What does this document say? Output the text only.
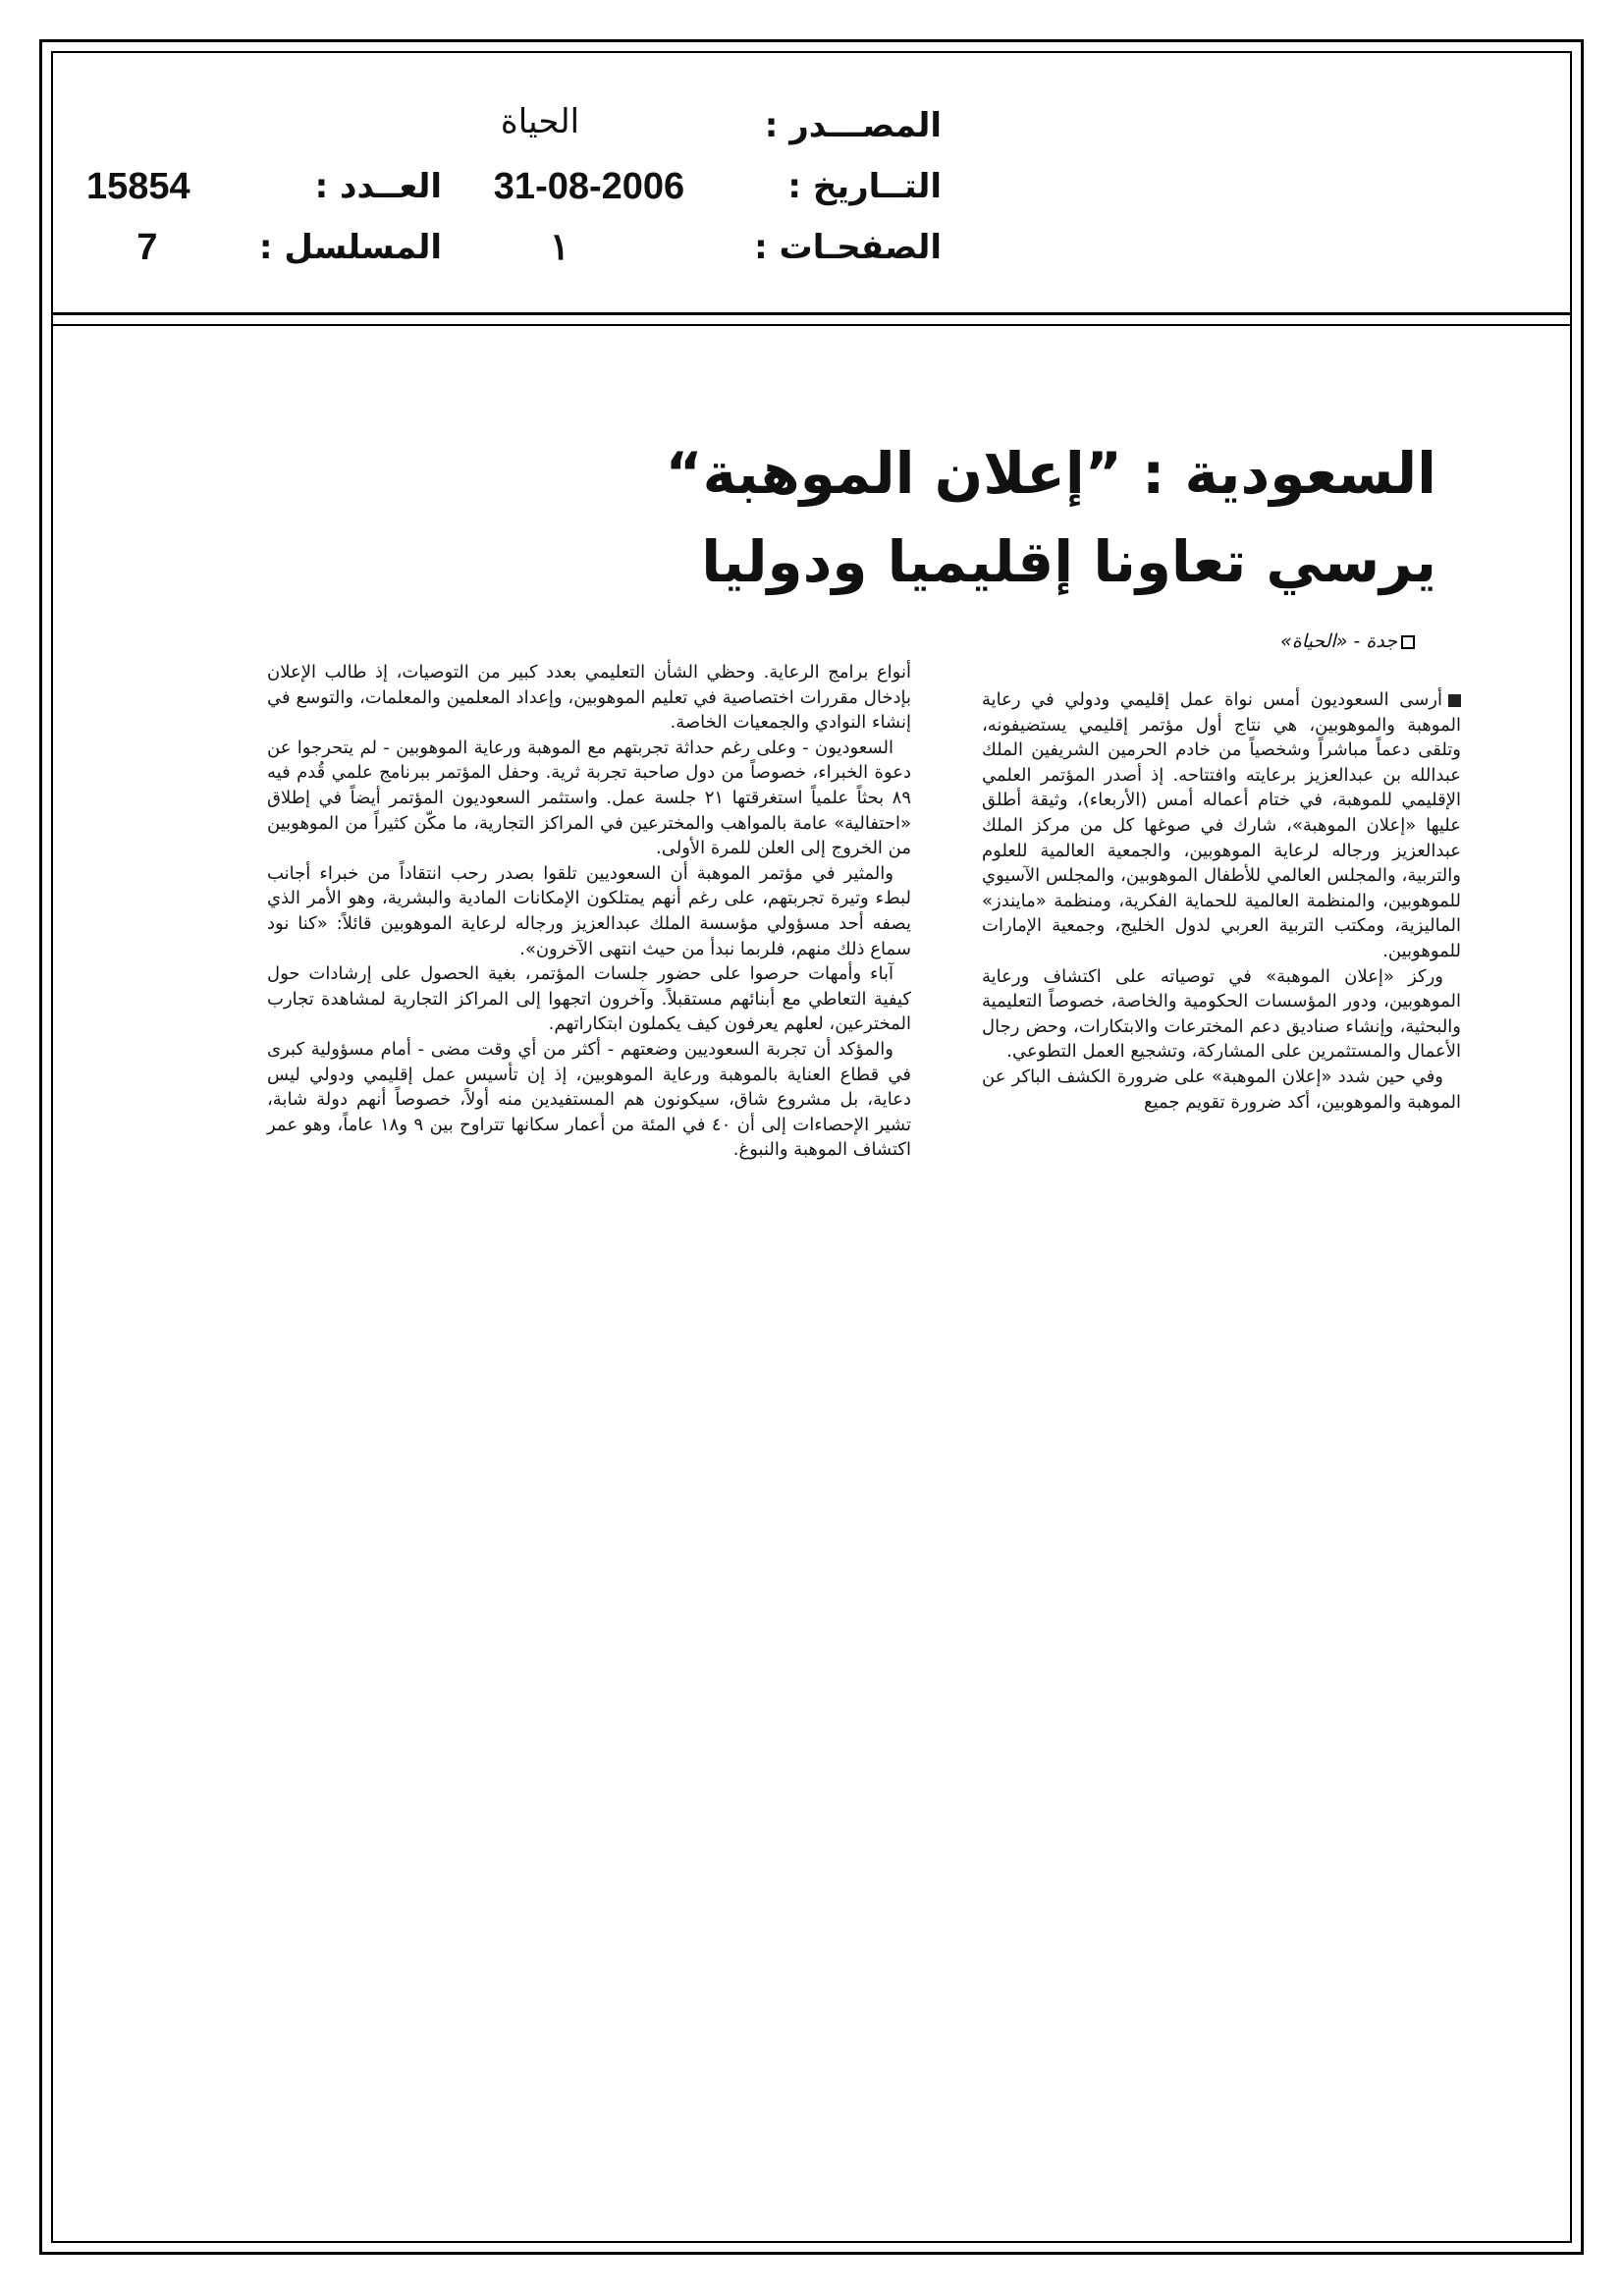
المصـــدر :
الحياة
التــاريخ :
31-08-2006
الصفحـات :
١
العــدد :
15854
المسلسل :
7
السعودية : ”إعلان الموهبة“
يرسي تعاونا إقليميا ودوليا
جدة - «الحياة»

أرسى السعوديون أمس نواة عمل إقليمي ودولي في رعاية الموهبة والموهوبين، هي نتاج أول مؤتمر إقليمي يستضيفونه، وتلقى دعماً مباشراً وشخصياً من خادم الحرمين الشريفين الملك عبدالله بن عبدالعزيز برعايته وافتتاحه. إذ أصدر المؤتمر العلمي الإقليمي للموهبة، في ختام أعماله أمس (الأربعاء)، وثيقة أطلق عليها «إعلان الموهبة»، شارك في صوغها كل من مركز الملك عبدالعزيز ورجاله لرعاية الموهوبين، والجمعية العالمية للعلوم والتربية، والمجلس العالمي للأطفال الموهوبين، والمجلس الآسيوي للموهوبين، والمنظمة العالمية للحماية الفكرية، ومنظمة «مايندز» الماليزية، ومكتب التربية العربي لدول الخليج، وجمعية الإمارات للموهوبين.

وركز «إعلان الموهبة» في توصياته على اكتشاف ورعاية الموهوبين، ودور المؤسسات الحكومية والخاصة، خصوصاً التعليمية والبحثية، وإنشاء صناديق دعم المخترعات والابتكارات، وحض رجال الأعمال والمستثمرين على المشاركة، وتشجيع العمل التطوعي.

وفي حين شدد «إعلان الموهبة» على ضرورة الكشف الباكر عن الموهبة والموهوبين، أكد ضرورة تقويم جميع

أنواع برامج الرعاية. وحظي الشأن التعليمي بعدد كبير من التوصيات، إذ طالب الإعلان بإدخال مقررات اختصاصية في تعليم الموهوبين، وإعداد المعلمين والمعلمات، والتوسع في إنشاء النوادي والجمعيات الخاصة.

السعوديون - وعلى رغم حداثة تجربتهم مع الموهبة ورعاية الموهوبين - لم يتحرجوا عن دعوة الخبراء، خصوصاً من دول صاحبة تجربة ثرية. وحفل المؤتمر ببرنامج علمي قُدم فيه ٨٩ بحثاً علمياً استغرقتها ٢١ جلسة عمل. واستثمر السعوديون المؤتمر أيضاً في إطلاق «احتفالية» عامة بالمواهب والمخترعين في المراكز التجارية، ما مكّن كثيراً من الموهوبين من الخروج إلى العلن للمرة الأولى.

والمثير في مؤتمر الموهبة أن السعوديين تلقوا بصدر رحب انتقاداً من خبراء أجانب لبطء وتيرة تجربتهم، على رغم أنهم يمتلكون الإمكانات المادية والبشرية، وهو الأمر الذي يصفه أحد مسؤولي مؤسسة الملك عبدالعزيز ورجاله لرعاية الموهوبين قائلاً: «كنا نود سماع ذلك منهم، فلربما نبدأ من حيث انتهى الآخرون».

آباء وأمهات حرصوا على حضور جلسات المؤتمر، بغية الحصول على إرشادات حول كيفية التعاطي مع أبنائهم مستقبلاً. وآخرون اتجهوا إلى المراكز التجارية لمشاهدة تجارب المخترعين، لعلهم يعرفون كيف يكملون ابتكاراتهم.

والمؤكد أن تجربة السعوديين وضعتهم - أكثر من أي وقت مضى - أمام مسؤولية كبرى في قطاع العناية بالموهبة ورعاية الموهوبين، إذ إن تأسيس عمل إقليمي ودولي ليس دعاية، بل مشروع شاق، سيكونون هم المستفيدين منه أولاً، خصوصاً أنهم دولة شابة، تشير الإحصاءات إلى أن ٤٠ في المئة من أعمار سكانها تتراوح بين ٩ و١٨ عاماً، وهو عمر اكتشاف الموهبة والنبوغ.
